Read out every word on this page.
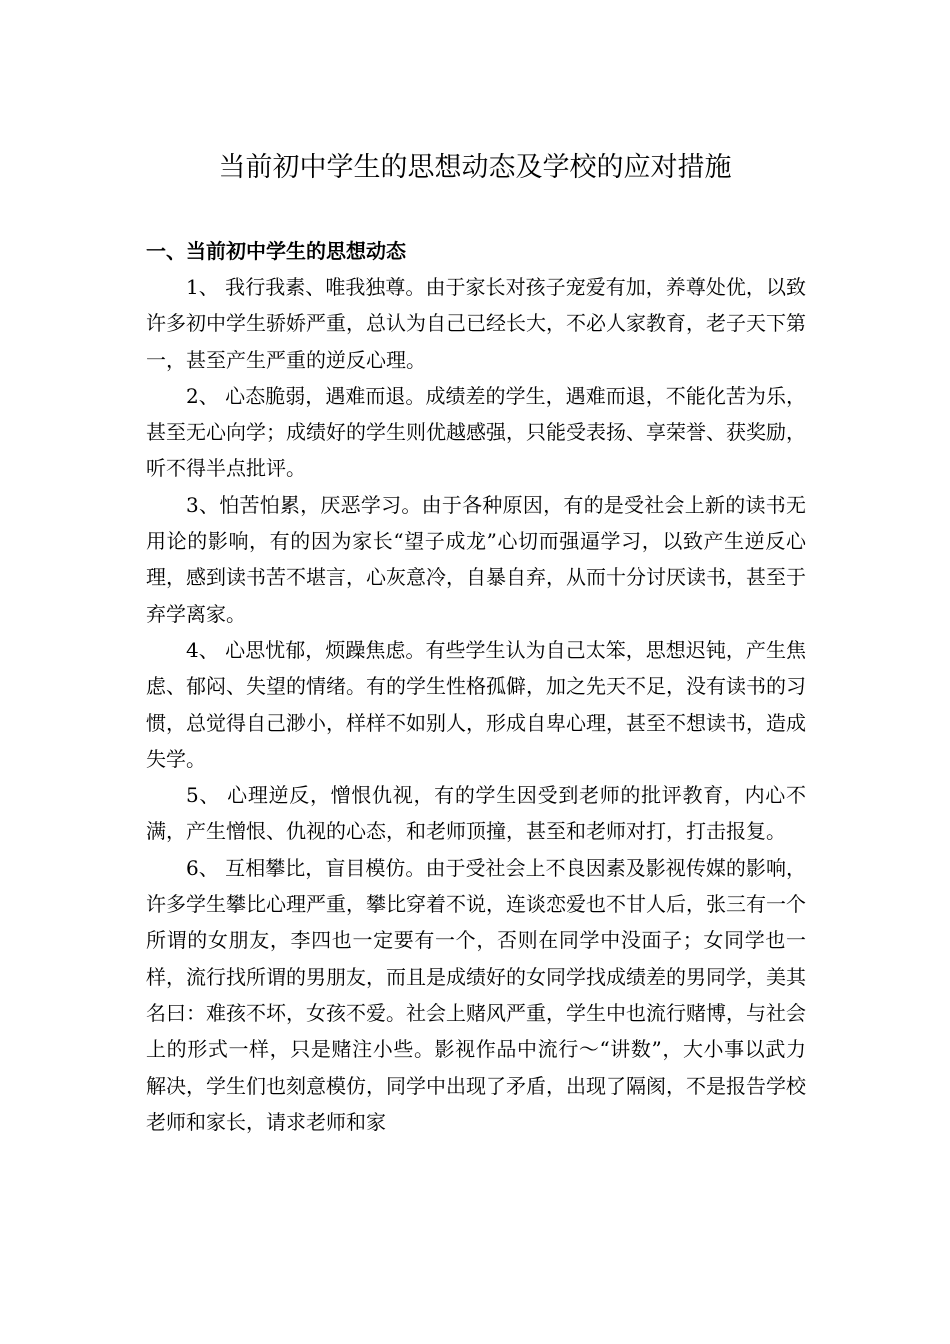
当前初中学生的思想动态及学校的应对措施
一、当前初中学生的思想动态

1、 我行我素、唯我独尊。由于家长对孩子宠爱有加，养尊处优，以致许多初中学生骄娇严重，总认为自己已经长大，不必人家教育，老子天下第一，甚至产生严重的逆反心理。

2、 心态脆弱，遇难而退。成绩差的学生，遇难而退，不能化苦为乐，甚至无心向学；成绩好的学生则优越感强，只能受表扬、享荣誉、获奖励，听不得半点批评。

3、怕苦怕累，厌恶学习。由于各种原因，有的是受社会上新的读书无用论的影响，有的因为家长“望子成龙”心切而强逼学习，以致产生逆反心理，感到读书苦不堪言，心灰意冷，自暴自弃，从而十分讨厌读书，甚至于弃学离家。

4、 心思忧郁，烦躁焦虑。有些学生认为自己太笨，思想迟钝，产生焦虑、郁闷、失望的情绪。有的学生性格孤僻，加之先天不足，没有读书的习惯，总觉得自己渺小，样样不如别人，形成自卑心理，甚至不想读书，造成失学。

5、 心理逆反，憎恨仇视，有的学生因受到老师的批评教育，内心不满，产生憎恨、仇视的心态，和老师顶撞，甚至和老师对打，打击报复。

6、 互相攀比，盲目模仿。由于受社会上不良因素及影视传媒的影响，许多学生攀比心理严重，攀比穿着不说，连谈恋爱也不甘人后，张三有一个所谓的女朋友，李四也一定要有一个，否则在同学中没面子；女同学也一样，流行找所谓的男朋友，而且是成绩好的女同学找成绩差的男同学，美其名曰：难孩不坏，女孩不爱。社会上赌风严重，学生中也流行赌博，与社会上的形式一样，只是赌注小些。影视作品中流行～“讲数”，大小事以武力解决，学生们也刻意模仿，同学中出现了矛盾，出现了隔阂，不是报告学校老师和家长，请求老师和家
